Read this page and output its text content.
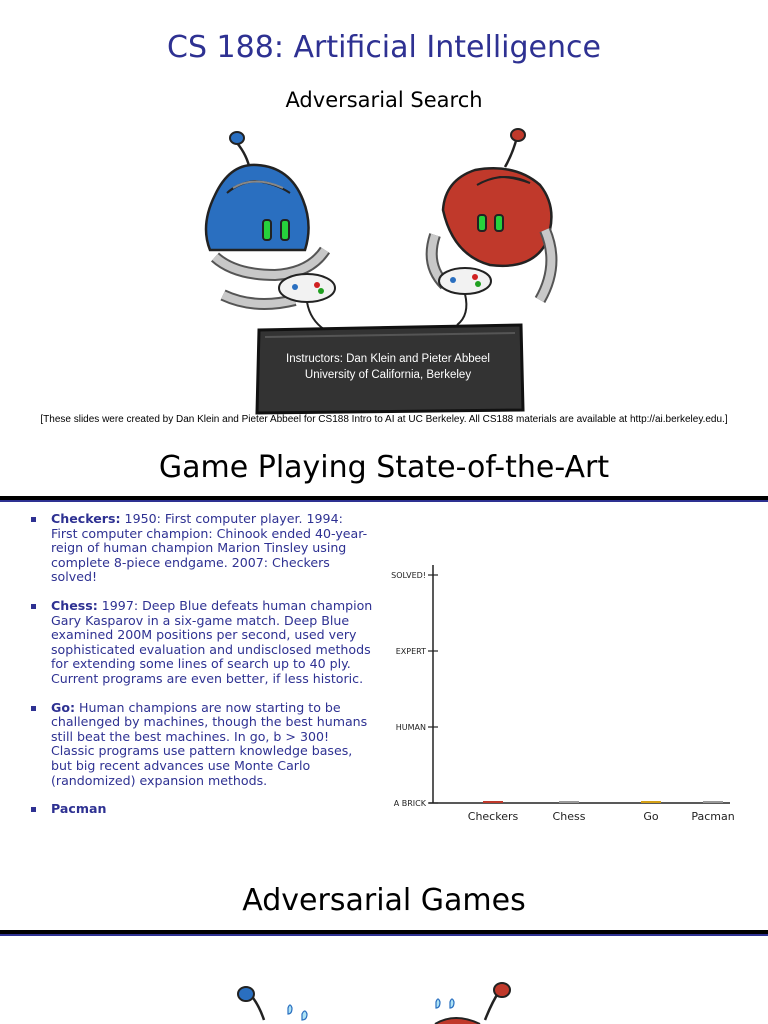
CS 188: Artificial Intelligence
Adversarial Search
Instructors: Dan Klein and Pieter Abbeel
University of California, Berkeley
[These slides were created by Dan Klein and Pieter Abbeel for CS188 Intro to AI at UC Berkeley. All CS188 materials are available at http://ai.berkeley.edu.]
Game Playing State-of-the-Art
Checkers: 1950: First computer player. 1994: First computer champion: Chinook ended 40-year-reign of human champion Marion Tinsley using complete 8-piece endgame. 2007: Checkers solved!
Chess: 1997: Deep Blue defeats human champion Gary Kasparov in a six-game match. Deep Blue examined 200M positions per second, used very sophisticated evaluation and undisclosed methods for extending some lines of search up to 40 ply. Current programs are even better, if less historic.
Go: Human champions are now starting to be challenged by machines, though the best humans still beat the best machines. In go, b > 300! Classic programs use pattern knowledge bases, but big recent advances use Monte Carlo (randomized) expansion methods.
Pacman	A BRICK
HUMAN
EXPERT
SOLVED!
Checkers	Chess	Go	Pacman
Adversarial Games
